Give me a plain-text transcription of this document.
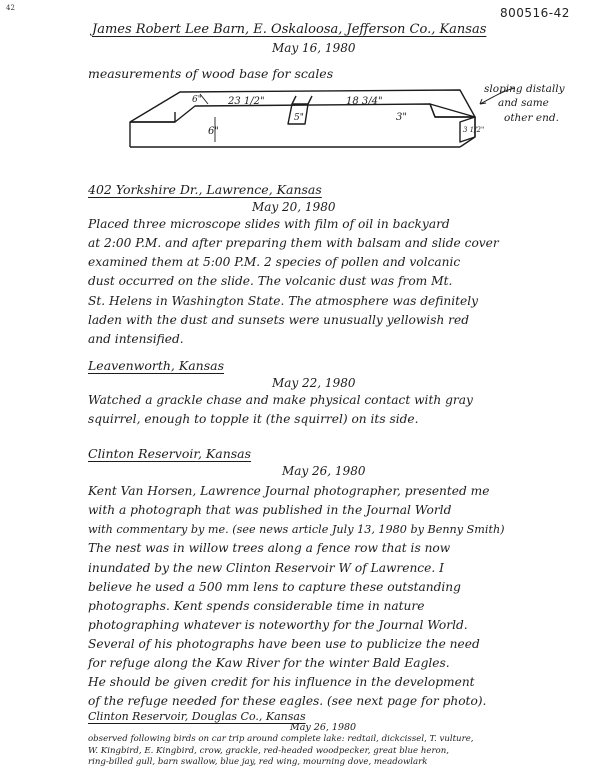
42	800516-42
James Robert Lee Barn, E. Oskaloosa, Jefferson Co., Kansas
May 16, 1980
measurements of wood base for scales
6"	23 1/2"
5"
18 3/4"
6"
3"
3 1/2"
sloping distally
and same
other end.
402 Yorkshire Dr., Lawrence, Kansas
May 20, 1980
Placed three microscope slides with film of oil in backyard
at 2:00 P.M. and after preparing them with balsam and slide cover
examined them at 5:00 P.M. 2 species of pollen and volcanic
dust occurred on the slide. The volcanic dust was from Mt.
St. Helens in Washington State. The atmosphere was definitely
laden with the dust and sunsets were unusually yellowish red
and intensified.
Leavenworth, Kansas
May 22, 1980
Watched a grackle chase and make physical contact with gray
squirrel, enough to topple it (the squirrel) on its side.
Clinton Reservoir, Kansas
May 26, 1980
Kent Van Horsen, Lawrence Journal photographer, presented me
with a photograph that was published in the Journal World
with commentary by me. (see news article July 13, 1980 by Benny Smith)
The nest was in willow trees along a fence row that is now
inundated by the new Clinton Reservoir W of Lawrence. I
believe he used a 500 mm lens to capture these outstanding
photographs. Kent spends considerable time in nature
photographing whatever is noteworthy for the Journal World.
Several of his photographs have been use to publicize the need
for refuge along the Kaw River for the winter Bald Eagles.
He should be given credit for his influence in the development
of the refuge needed for these eagles. (see next page for photo).
Clinton Reservoir, Douglas Co., Kansas
May 26, 1980
observed following birds on car trip around complete lake: redtail, dickcissel, T. vulture,
W. Kingbird, E. Kingbird, crow, grackle, red-headed woodpecker, great blue heron,
ring-billed gull, barn swallow, blue jay, red wing, mourning dove, meadowlark
